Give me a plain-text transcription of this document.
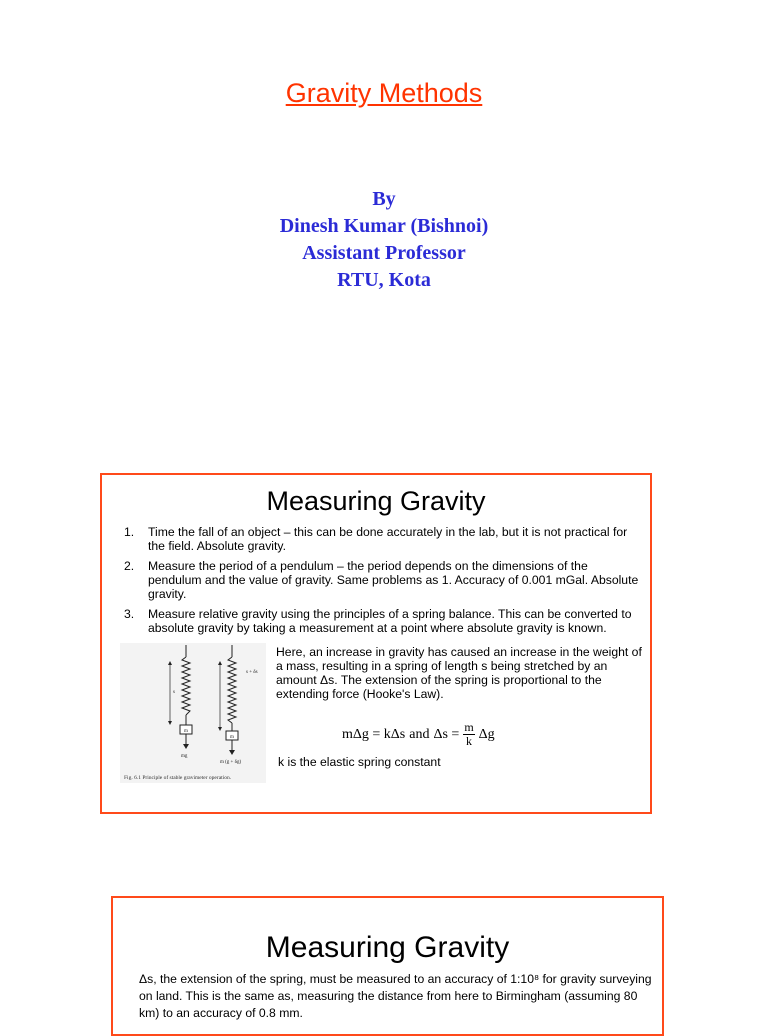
Gravity Methods
By
Dinesh Kumar (Bishnoi)
Assistant Professor
RTU, Kota
Measuring Gravity
1.	Time the fall of an object – this can be done accurately in the lab, but it is not practical for the field. Absolute gravity.
2.	Measure the period of a pendulum – the period depends on the dimensions of the pendulum and the value of gravity. Same problems as 1. Accuracy of 0.001 mGal. Absolute gravity.
3.	Measure relative gravity using the principles of a spring balance. This can be converted to absolute gravity by taking a measurement at a point where absolute gravity is known.
s + δs
s
m
m
mg
m (g + δg)
Fig. 6.1 Principle of stable gravimeter operation.
Here, an increase in gravity has caused an increase in the weight of a mass, resulting in a spring of length s being stretched by an amount Δs. The extension of the spring is proportional to the extending force (Hooke's Law).
mΔg = kΔs and $\Delta s = \frac{m}{k}$ Δg
k is the elastic spring constant
Measuring Gravity
Δs, the extension of the spring, must be measured to an accuracy of 1:10⁸ for gravity surveying on land. This is the same as, measuring the distance from here to Birmingham (assuming 80 km) to an accuracy of 0.8 mm.
